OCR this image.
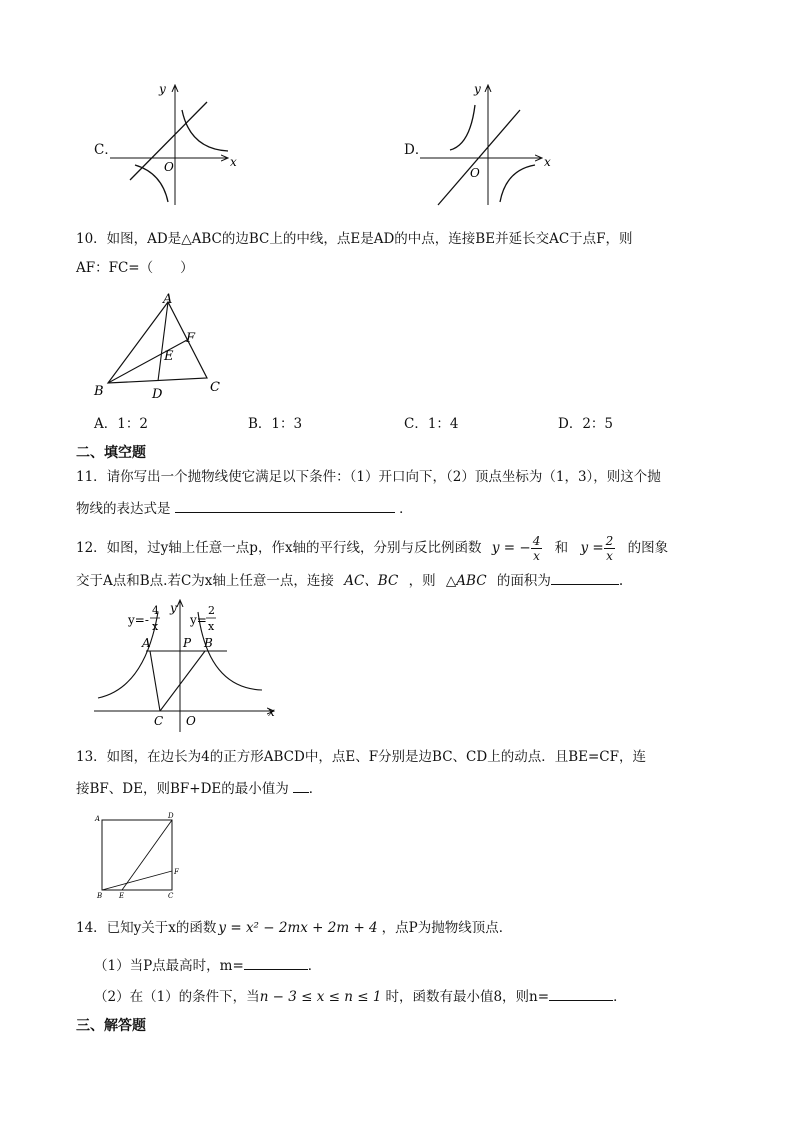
C．
y
x
O
D．
y
x
O
10．如图，AD是△ABC的边BC上的中线，点E是AD的中点，连接BE并延长交AC于点F，则
AF：FC=（　　）
A
B	C
D
E
F
A．1：2	B．1：3	C．1：4	D．2：5
二、填空题
11．请你写出一个抛物线使它满足以下条件：（1）开口向下，（2）顶点坐标为（1，3），则这个抛
物线的表达式是	．
12．如图，过y轴上任意一点p，作x轴的平行线，分别与反比例函数 y = − $\frac{4}{x}$ 和 $y = \frac{2}{x}$ 的图象
交于A点和B点.若C为x轴上任意一点，连接 AC、BC ，则 △ABC 的面积为	.
y=-
4
x
y
y=
2
x
A	P B
C O
x
13．如图，在边长为4的正方形ABCD中，点E、F分别是边BC、CD上的动点．且BE=CF，连
接BF、DE，则BF+DE的最小值为 ．
A	D
B E	C
F
14．已知y关于x的函数 y = x² − 2mx + 2m + 4 ，点P为抛物线顶点．
（1）当P点最高时，m=	．
（2）在（1）的条件下，当n − 3 ≤ x ≤ n ≤ 1 时，函数有最小值8，则n=	．
三、解答题
